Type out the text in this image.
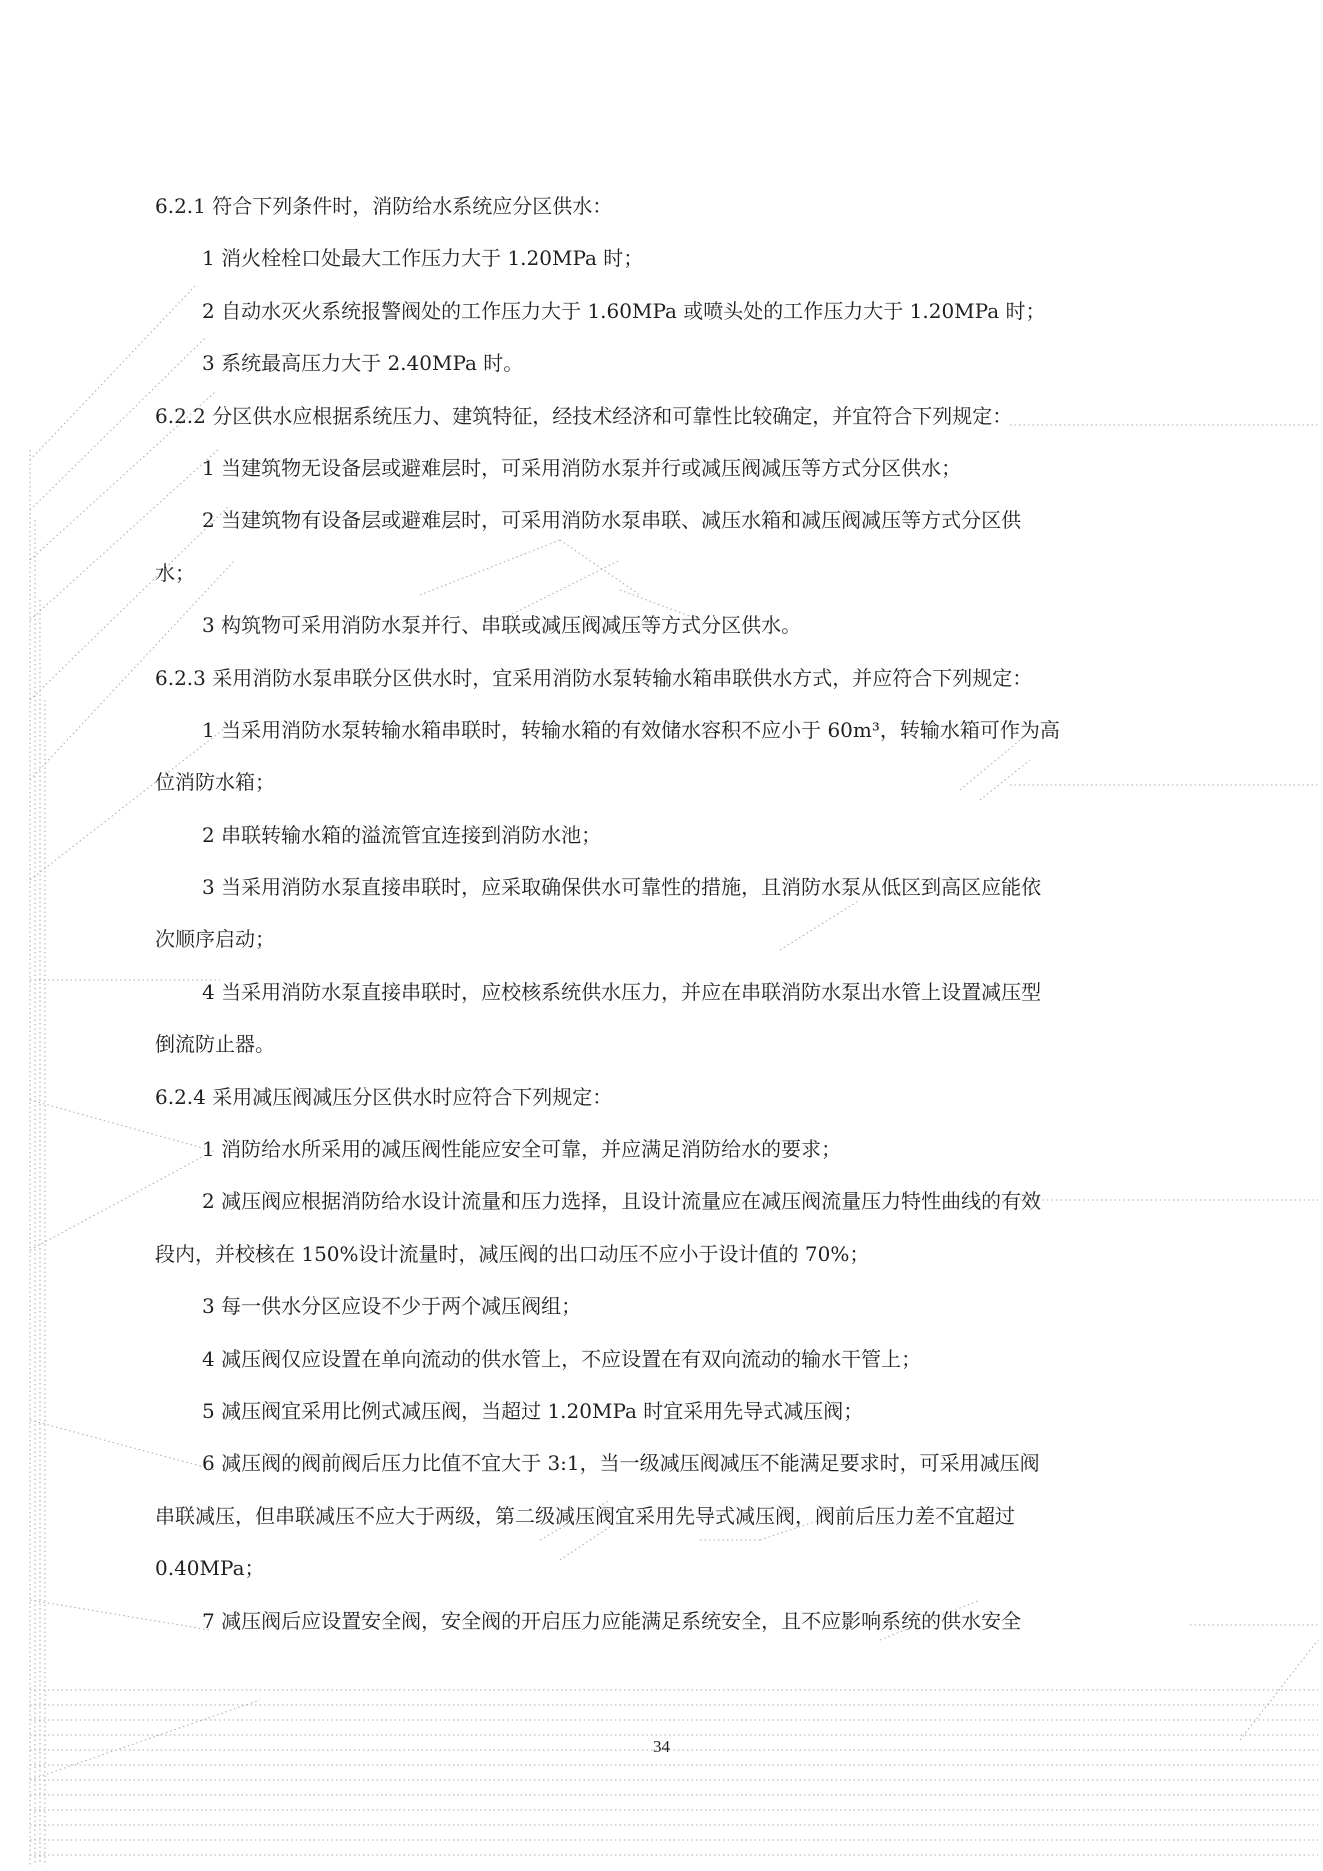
6.2.1 符合下列条件时，消防给水系统应分区供水：
1 消火栓栓口处最大工作压力大于 1.20MPa 时；
2 自动水灭火系统报警阀处的工作压力大于 1.60MPa 或喷头处的工作压力大于 1.20MPa 时；
3 系统最高压力大于 2.40MPa 时。
6.2.2 分区供水应根据系统压力、建筑特征，经技术经济和可靠性比较确定，并宜符合下列规定：
1 当建筑物无设备层或避难层时，可采用消防水泵并行或减压阀减压等方式分区供水；
2 当建筑物有设备层或避难层时，可采用消防水泵串联、减压水箱和减压阀减压等方式分区供
水；
3 构筑物可采用消防水泵并行、串联或减压阀减压等方式分区供水。
6.2.3 采用消防水泵串联分区供水时，宜采用消防水泵转输水箱串联供水方式，并应符合下列规定：
1 当采用消防水泵转输水箱串联时，转输水箱的有效储水容积不应小于 60m³，转输水箱可作为高
位消防水箱；
2 串联转输水箱的溢流管宜连接到消防水池；
3 当采用消防水泵直接串联时，应采取确保供水可靠性的措施，且消防水泵从低区到高区应能依
次顺序启动；
4 当采用消防水泵直接串联时，应校核系统供水压力，并应在串联消防水泵出水管上设置减压型
倒流防止器。
6.2.4 采用减压阀减压分区供水时应符合下列规定：
1 消防给水所采用的减压阀性能应安全可靠，并应满足消防给水的要求；
2 减压阀应根据消防给水设计流量和压力选择，且设计流量应在减压阀流量压力特性曲线的有效
段内，并校核在 150%设计流量时，减压阀的出口动压不应小于设计值的 70%；
3 每一供水分区应设不少于两个减压阀组；
4 减压阀仅应设置在单向流动的供水管上，不应设置在有双向流动的输水干管上；
5 减压阀宜采用比例式减压阀，当超过 1.20MPa 时宜采用先导式减压阀；
6 减压阀的阀前阀后压力比值不宜大于 3:1，当一级减压阀减压不能满足要求时，可采用减压阀
串联减压，但串联减压不应大于两级，第二级减压阀宜采用先导式减压阀，阀前后压力差不宜超过
0.40MPa；
7 减压阀后应设置安全阀，安全阀的开启压力应能满足系统安全，且不应影响系统的供水安全
34
